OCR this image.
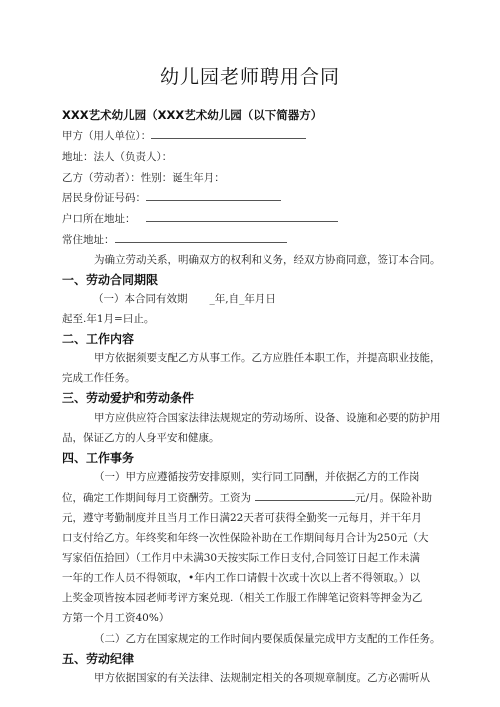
幼儿园老师聘用合同
XXX艺术幼儿园（XXX艺术幼儿园（以下简器方）
甲方（用人单位）：
地址：法人（负责人）：
乙方（劳动者）：性别：诞生年月：
居民身份证号码：
户口所在地址：
常住地址：
为确立劳动关系，明确双方的权利和义务，经双方协商同意，签订本合同。
一、劳动合同期限
（一）本合同有效期 _年,自_年月日
起至.年1月=曰止。
二、工作内容
甲方依据须要支配乙方从事工作。乙方应胜任本职工作，并提高职业技能，
完成工作任务。
三、劳动爱护和劳动条件
甲方应供应符合国家法律法规规定的劳动场所、设备、设施和必要的防护用
品，保证乙方的人身平安和健康。
四、工作事务
（一）甲方应遵循按劳安排原则，实行同工同酬，并依据乙方的工作岗
位，确定工作期间每月工资酬劳。工资为	元/月。保险补助
元，遵守考勤制度并且当月工作日满22天者可获得全勤奖一元每月，并干年月
口支付给乙方。年终奖和年终一次性保险补助在工作期间每月合计为250元（大
写家佰伍拾回）（工作月中未满30天按实际工作日支付,合同签订日起工作未满
一年的工作人员不得领取，•年内工作口请假十次或十次以上者不得领取。）以
上奖金项皆按本园老师考评方案兑现.（相关工作服工作牌笔记资料等押金为乙
方第一个月工资40%）
（二）乙方在国家规定的工作时间内要保质保量完成甲方支配的工作任务。
五、劳动纪律
甲方依据国家的有关法律、法规制定相关的各项规章制度。乙方必需听从
